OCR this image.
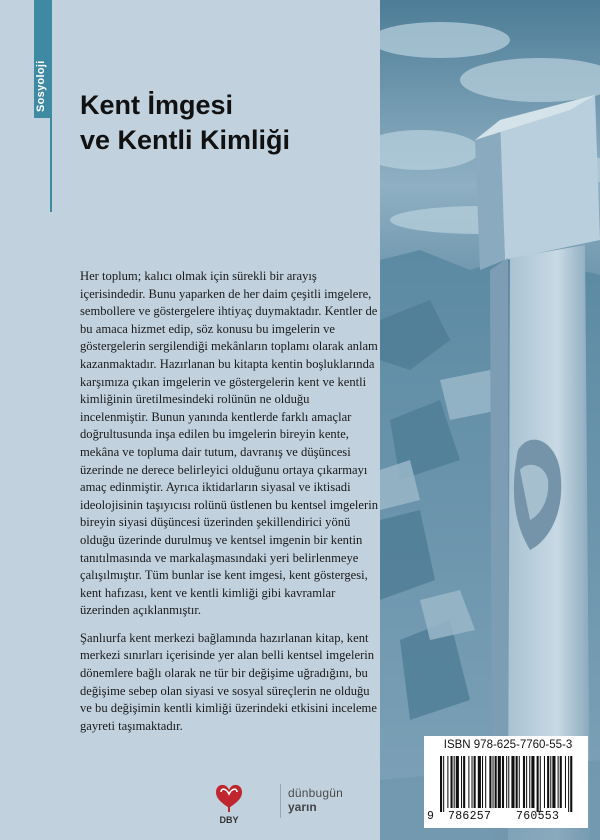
Sosyoloji Kent İmgesi
ve Kentli Kimliği

Her toplum; kalıcı olmak için sürekli bir arayış içerisindedir. Bunu yaparken de her daim çeşitli imgelere, sembollere ve göstergelere ihtiyaç duymaktadır. Kentler de bu amaca hizmet edip, söz konusu bu imgelerin ve göstergelerin sergilendiği mekânların toplamı olarak anlam kazanmaktadır. Hazırlanan bu kitapta kentin boşluklarında karşımıza çıkan imgelerin ve göstergelerin kent ve kentli kimliğinin üretilmesindeki rolünün ne olduğu incelenmiştir. Bunun yanında kentlerde farklı amaçlar doğrultusunda inşa edilen bu imgelerin bireyin kente, mekâna ve topluma dair tutum, davranış ve düşüncesi üzerinde ne derece belirleyici olduğunu ortaya çıkarmayı amaç edinmiştir. Ayrıca iktidarların siyasal ve iktisadi ideolojisinin taşıyıcısı rolünü üstlenen bu kentsel imgelerin bireyin siyasi düşüncesi üzerinden şekillendirici yönü olduğu üzerinde durulmuş ve kentsel imgenin bir kentin tanıtılmasında ve markalaşmasındaki yeri belirlenmeye çalışılmıştır. Tüm bunlar ise kent imgesi, kent göstergesi, kent hafızası, kent ve kentli kimliği gibi kavramlar üzerinden açıklanmıştır.

Şanlıurfa kent merkezi bağlamında hazırlanan kitap, kent merkezi sınırları içerisinde yer alan belli kentsel imgelerin dönemlere bağlı olarak ne tür bir değişime uğradığını, bu değişime sebep olan siyasi ve sosyal süreçlerin ne olduğu ve bu değişimin kentli kimliği üzerindeki etkisini inceleme gayreti taşımaktadır.

DBY
dünbugün
yarın
ISBN 978-625-7760-55-3
9 786257 760553
